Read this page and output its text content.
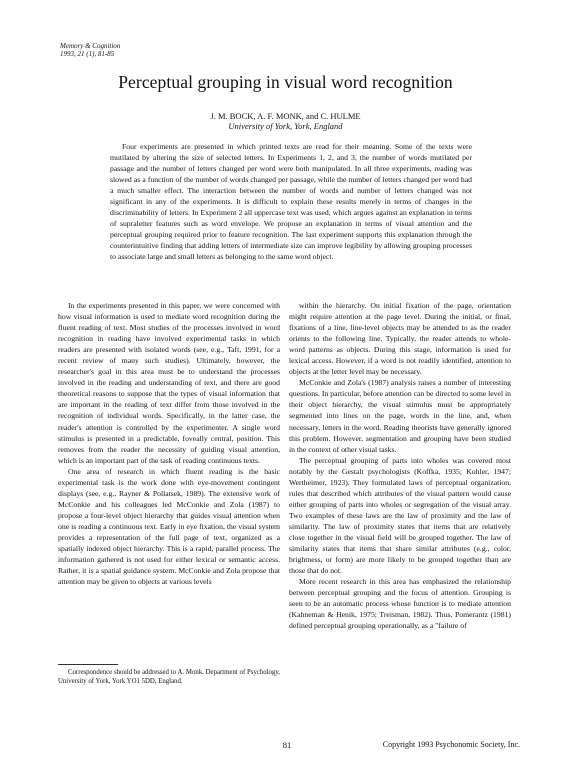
Memory & Cognition
1993, 21 (1), 81-85
Perceptual grouping in visual word recognition
J. M. BOCK, A. F. MONK, and C. HULME
University of York, York, England

Four experiments are presented in which printed texts are read for their meaning. Some of the texts were mutilated by altering the size of selected letters. In Experiments 1, 2, and 3, the number of words mutilated per passage and the number of letters changed per word were both manipulated. In all three experiments, reading was slowed as a function of the number of words changed per passage, while the number of letters changed per word had a much smaller effect. The interaction between the number of words and number of letters changed was not significant in any of the experiments. It is difficult to explain these results merely in terms of changes in the discriminability of letters. In Experiment 2 all uppercase text was used, which argues against an explanation in terms of supraletter features such as word envelope. We propose an explanation in terms of visual attention and the perceptual grouping required prior to feature recognition. The last experiment supports this explanation through the counterintuitive finding that adding letters of intermediate size can improve legibility by allowing grouping processes to associate large and small letters as belonging to the same word object.

In the experiments presented in this paper, we were concerned with how visual information is used to mediate word recognition during the fluent reading of text. Most studies of the processes involved in word recognition in reading have involved experimental tasks in which readers are presented with isolated words (see, e.g., Taft, 1991, for a recent review of many such studies). Ultimately, however, the researcher's goal in this area must be to understand the processes involved in the reading and understanding of text, and there are good theoretical reasons to suppose that the types of visual information that are important in the reading of text differ from those involved in the recognition of individual words. Specifically, in the latter case, the reader's attention is controlled by the experimenter. A single word stimulus is presented in a predictable, foveally central, position. This removes from the reader the necessity of guiding visual attention, which is an important part of the task of reading continuous texts.

One area of research in which fluent reading is the basic experimental task is the work done with eye-movement contingent displays (see, e.g., Rayner & Pollatsek, 1989). The extensive work of McConkie and his colleagues led McConkie and Zola (1987) to propose a four-level object hierarchy that guides visual attention when one is reading a continuous text. Early in eye fixation, the visual system provides a representation of the full page of text, organized as a spatially indexed object hierarchy. This is a rapid, parallel process. The information gathered is not used for either lexical or semantic access. Rather, it is a spatial guidance system. McConkie and Zola propose that attention may be given to objects at various levels

within the hierarchy. On initial fixation of the page, orientation might require attention at the page level. During the initial, or final, fixations of a line, line-level objects may be attended to as the reader orients to the following line. Typically, the reader attends to whole-word patterns as objects. During this stage, information is used for lexical access. However, if a word is not readily identified, attention to objects at the letter level may be necessary.

McConkie and Zola's (1987) analysis raises a number of interesting questions. In particular, before attention can be directed to some level in their object hierarchy, the visual stimulus must be appropriately segmented into lines on the page, words in the line, and, when necessary, letters in the word. Reading theorists have generally ignored this problem. However, segmentation and grouping have been studied in the context of other visual tasks.

The perceptual grouping of parts into wholes was covered most notably by the Gestalt psychologists (Koffka, 1935; Kohler, 1947; Wertheimer, 1923). They formulated laws of perceptual organization, rules that described which attributes of the visual pattern would cause either grouping of parts into wholes or segregation of the visual array. Two examples of these laws are the law of proximity and the law of similarity. The law of proximity states that items that are relatively close together in the visual field will be grouped together. The law of similarity states that items that share similar attributes (e.g., color, brightness, or form) are more likely to be grouped together than are those that do not.

More recent research in this area has emphasized the relationship between perceptual grouping and the focus of attention. Grouping is seen to be an automatic process whose function is to mediate attention (Kahneman & Henik, 1975; Treisman, 1982). Thus, Pomerantz (1981) defined perceptual grouping operationally, as a "failure of

Correspondence should be addressed to A. Monk, Department of Psychology, University of York, York YO1 5DD, England.

81	Copyright 1993 Psychonomic Society, Inc.
